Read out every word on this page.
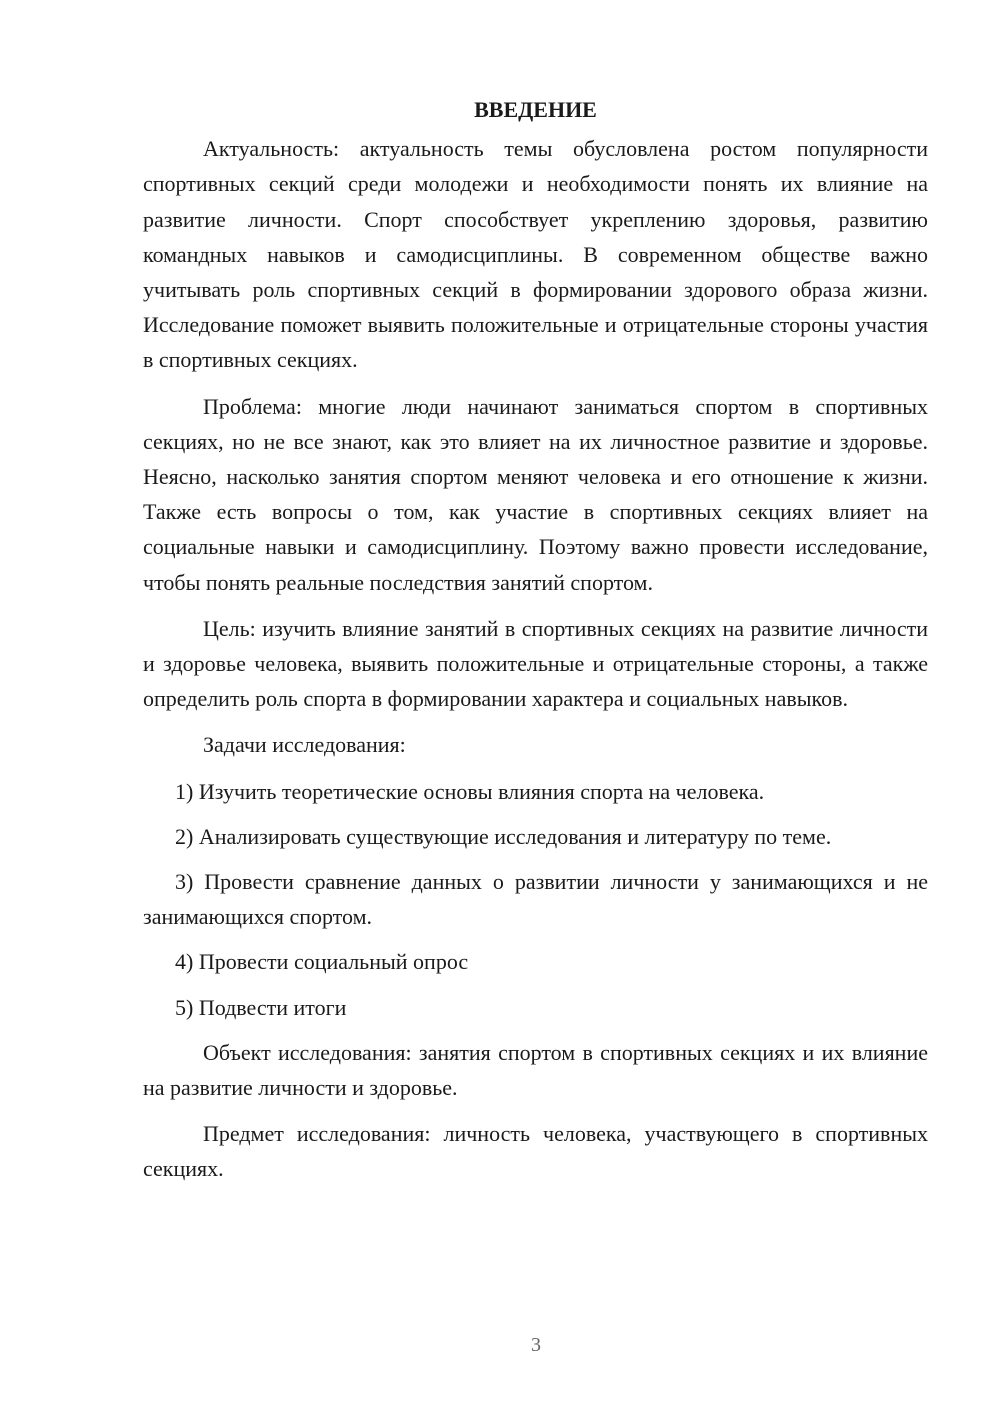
ВВЕДЕНИЕ

Актуальность: актуальность темы обусловлена ростом популярности спортивных секций среди молодежи и необходимости понять их влияние на развитие личности. Спорт способствует укреплению здоровья, развитию командных навыков и самодисциплины. В современном обществе важно учитывать роль спортивных секций в формировании здорового образа жизни. Исследование поможет выявить положительные и отрицательные стороны участия в спортивных секциях.

Проблема: многие люди начинают заниматься спортом в спортивных секциях, но не все знают, как это влияет на их личностное развитие и здоровье. Неясно, насколько занятия спортом меняют человека и его отношение к жизни. Также есть вопросы о том, как участие в спортивных секциях влияет на социальные навыки и самодисциплину. Поэтому важно провести исследование, чтобы понять реальные последствия занятий спортом.

Цель: изучить влияние занятий в спортивных секциях на развитие личности и здоровье человека, выявить положительные и отрицательные стороны, а также определить роль спорта в формировании характера и социальных навыков.

Задачи исследования:

1) Изучить теоретические основы влияния спорта на человека.

2) Анализировать существующие исследования и литературу по теме.

3) Провести сравнение данных о развитии личности у занимающихся и не занимающихся спортом.

4) Провести социальный опрос

5) Подвести итоги

Объект исследования: занятия спортом в спортивных секциях и их влияние на развитие личности и здоровье.

Предмет исследования: личность человека, участвующего в спортивных секциях.

3
